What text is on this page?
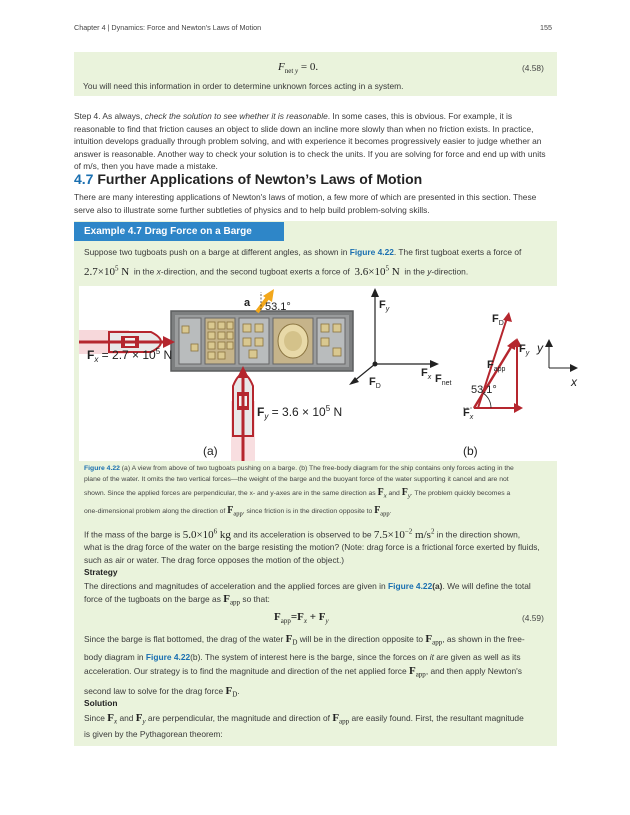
Chapter 4 | Dynamics: Force and Newton’s Laws of Motion	155
$F_{net y} = 0$.	(4.58)
You will need this information in order to determine unknown forces acting in a system.
Step 4. As always, check the solution to see whether it is reasonable. In some cases, this is obvious. For example, it is
reasonable to find that friction causes an object to slide down an incline more slowly than when no friction exists. In practice,
intuition develops gradually through problem solving, and with experience it becomes progressively easier to judge whether an
answer is reasonable. Another way to check your solution is to check the units. If you are solving for force and end up with units
of m/s, then you have made a mistake.
4.7 Further Applications of Newton’s Laws of Motion
There are many interesting applications of Newton's laws of motion, a few more of which are presented in this section. These
serve also to illustrate some further subtleties of physics and to help build problem-solving skills.
Example 4.7 Drag Force on a Barge
Suppose two tugboats push on a barge at different angles, as shown in Figure 4.22. The first tugboat exerts a force of
$2.7\times 10^5$ N in the x-direction, and the second tugboat exerts a force of $3.6\times 10^5$ N in the y-direction.
a 53.1°
$F_x = 2.7 \times 10^5$ N
$F_y = 3.6 \times 10^5$ N
(a)
$F_y$
$F_D$
$F_x$ $F_{net}$
$F_D$
$F_y$
$F_{app}$
53.1°
$F_x$
y
x
(b)
Figure 4.22 (a) A view from above of two tugboats pushing on a barge. (b) The free-body diagram for the ship contains only forces acting in the
plane of the water. It omits the two vertical forces—the weight of the barge and the buoyant force of the water supporting it cancel and are not
shown. Since the applied forces are perpendicular, the x- and y-axes are in the same direction as $F_x$ and $F_y$. The problem quickly becomes a
one-dimensional problem along the direction of $F_{app}$, since friction is in the direction opposite to $F_{app}$.
If the mass of the barge is $5.0\times 10^6$ kg and its acceleration is observed to be $7.5\times 10^{-2}$ $m/s^2$ in the direction shown,
what is the drag force of the water on the barge resisting the motion? (Note: drag force is a frictional force exerted by fluids,
such as air or water. The drag force opposes the motion of the object.)
Strategy
The directions and magnitudes of acceleration and the applied forces are given in Figure 4.22(a). We will define the total
force of the tugboats on the barge as $F_{app}$ so that:
$F_{app}=F_x + F_y$	(4.59)
Since the barge is flat bottomed, the drag of the water $F_D$ will be in the direction opposite to $F_{app}$, as shown in the free-
body diagram in Figure 4.22(b). The system of interest here is the barge, since the forces on it are given as well as its
acceleration. Our strategy is to find the magnitude and direction of the net applied force $F_{app}$, and then apply Newton's
second law to solve for the drag force $F_D$.
Solution
Since $F_x$ and $F_y$ are perpendicular, the magnitude and direction of $F_{app}$ are easily found. First, the resultant magnitude
is given by the Pythagorean theorem:
